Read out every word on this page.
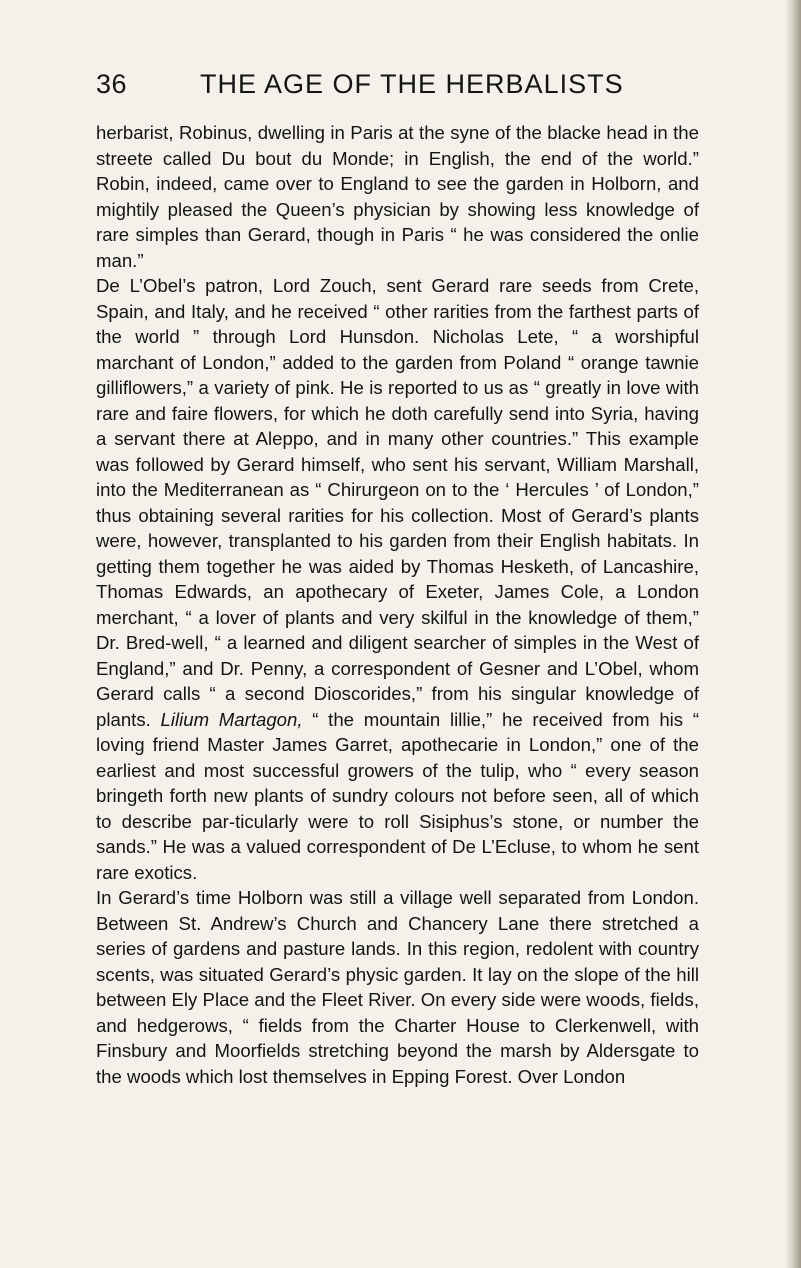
36	THE AGE OF THE HERBALISTS

herbarist, Robinus, dwelling in Paris at the syne of the blacke head in the streete called Du bout du Monde; in English, the end of the world.” Robin, indeed, came over to England to see the garden in Holborn, and mightily pleased the Queen’s physician by showing less knowledge of rare simples than Gerard, though in Paris “ he was considered the onlie man.”

De L’Obel’s patron, Lord Zouch, sent Gerard rare seeds from Crete, Spain, and Italy, and he received “ other rarities from the farthest parts of the world ” through Lord Hunsdon. Nicholas Lete, “ a worshipful marchant of London,” added to the garden from Poland “ orange tawnie gilliflowers,” a variety of pink. He is reported to us as “ greatly in love with rare and faire flowers, for which he doth carefully send into Syria, having a servant there at Aleppo, and in many other countries.” This example was followed by Gerard himself, who sent his servant, William Marshall, into the Mediterranean as “ Chirurgeon on to the ‘ Hercules ’ of London,” thus obtaining several rarities for his collection. Most of Gerard’s plants were, however, transplanted to his garden from their English habitats. In getting them together he was aided by Thomas Hesketh, of Lancashire, Thomas Edwards, an apothecary of Exeter, James Cole, a London merchant, “ a lover of plants and very skilful in the knowledge of them,” Dr. Bred-well, “ a learned and diligent searcher of simples in the West of England,” and Dr. Penny, a correspondent of Gesner and L’Obel, whom Gerard calls “ a second Dioscorides,” from his singular knowledge of plants. Lilium Martagon, “ the mountain lillie,” he received from his “ loving friend Master James Garret, apothecarie in London,” one of the earliest and most successful growers of the tulip, who “ every season bringeth forth new plants of sundry colours not before seen, all of which to describe par-ticularly were to roll Sisiphus’s stone, or number the sands.” He was a valued correspondent of De L’Ecluse, to whom he sent rare exotics.

In Gerard’s time Holborn was still a village well separated from London. Between St. Andrew’s Church and Chancery Lane there stretched a series of gardens and pasture lands. In this region, redolent with country scents, was situated Gerard’s physic garden. It lay on the slope of the hill between Ely Place and the Fleet River. On every side were woods, fields, and hedgerows, “ fields from the Charter House to Clerkenwell, with Finsbury and Moorfields stretching beyond the marsh by Aldersgate to the woods which lost themselves in Epping Forest. Over London
